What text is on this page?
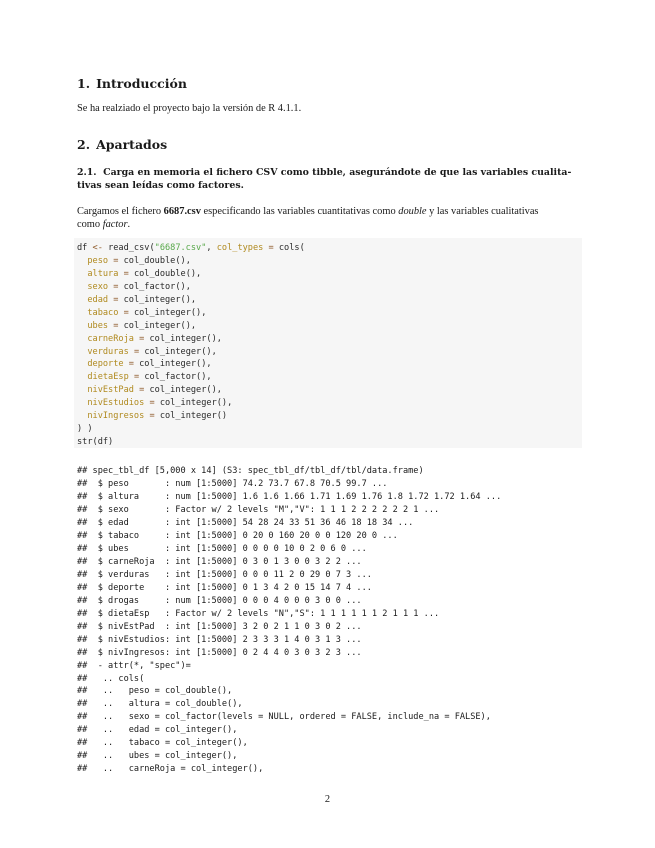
1. Introducción
Se ha realziado el proyecto bajo la versión de R 4.1.1.
2. Apartados
2.1. Carga en memoria el fichero CSV como tibble, asegurándote de que las variables cualita-
tivas sean leídas como factores.
Cargamos el fichero 6687.csv especificando las variables cuantitativas como double y las variables cualitativas
como factor.
df <- read_csv("6687.csv", col_types = cols(
peso = col_double(),
altura = col_double(),
sexo = col_factor(),
edad = col_integer(),
tabaco = col_integer(),
ubes = col_integer(),
carneRoja = col_integer(),
verduras = col_integer(),
deporte = col_integer(),
dietaEsp = col_factor(),
nivEstPad = col_integer(),
nivEstudios = col_integer(),
nivIngresos = col_integer()
) )
str(df)
## spec_tbl_df [5,000 x 14] (S3: spec_tbl_df/tbl_df/tbl/data.frame)
##  $ peso       : num [1:5000] 74.2 73.7 67.8 70.5 99.7 ...
##  $ altura     : num [1:5000] 1.6 1.6 1.66 1.71 1.69 1.76 1.8 1.72 1.72 1.64 ...
##  $ sexo       : Factor w/ 2 levels "M","V": 1 1 1 2 2 2 2 2 2 1 ...
##  $ edad       : int [1:5000] 54 28 24 33 51 36 46 18 18 34 ...
##  $ tabaco     : int [1:5000] 0 20 0 160 20 0 0 120 20 0 ...
##  $ ubes       : int [1:5000] 0 0 0 0 10 0 2 0 6 0 ...
##  $ carneRoja  : int [1:5000] 0 3 0 1 3 0 0 3 2 2 ...
##  $ verduras   : int [1:5000] 0 0 0 11 2 0 29 0 7 3 ...
##  $ deporte    : int [1:5000] 0 1 3 4 2 0 15 14 7 4 ...
##  $ drogas     : num [1:5000] 0 0 0 4 0 0 0 3 0 0 ...
##  $ dietaEsp   : Factor w/ 2 levels "N","S": 1 1 1 1 1 1 2 1 1 1 ...
##  $ nivEstPad  : int [1:5000] 3 2 0 2 1 1 0 3 0 2 ...
##  $ nivEstudios: int [1:5000] 2 3 3 3 1 4 0 3 1 3 ...
##  $ nivIngresos: int [1:5000] 0 2 4 4 0 3 0 3 2 3 ...
##  - attr(*, "spec")=
##   .. cols(
##   ..   peso = col_double(),
##   ..   altura = col_double(),
##   ..   sexo = col_factor(levels = NULL, ordered = FALSE, include_na = FALSE),
##   ..   edad = col_integer(),
##   ..   tabaco = col_integer(),
##   ..   ubes = col_integer(),
##   ..   carneRoja = col_integer(),
2
